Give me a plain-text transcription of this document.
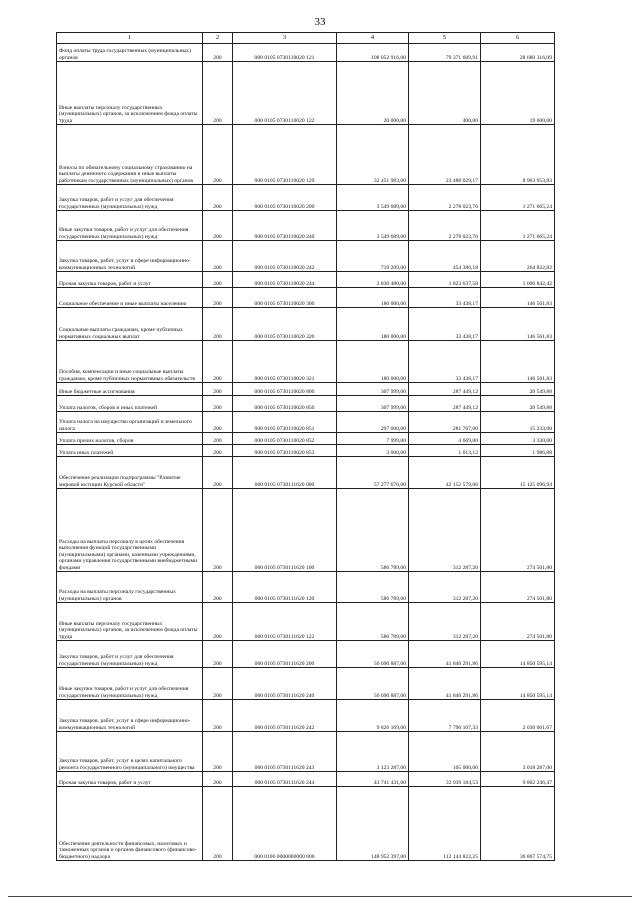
33
1	2	3	4	5	6
Фонд оплаты труда государственных (муниципальных) органов	200	000 0105 0730110020 121	108 052 916,00	79 371 609,91	28 680 316,09
Иные выплаты персоналу государственных (муниципальных) органов, за исключением фонда оплаты труда	200	000 0105 0730110020 122	20 000,00	400,00	19 600,00
Взносы по обязательному социальному страхованию на выплаты денежного содержания и иные выплаты работникам государственных (муниципальных) органов	200	000 0105 0730110020 129	32 451 983,00	23 488 029,17	8 963 953,83
Закупка товаров, работ и услуг для обеспечения государственных (муниципальных) нужд	200	000 0105 0730110020 200	3 549 689,00	2 278 023,76	1 271 665,24
Иные закупки товаров, работ и услуг для обеспечения государственных (муниципальных) нужд	200	000 0105 0730110020 240	3 549 689,00	2 278 023,76	1 271 665,24
Закупка товаров, работ, услуг в сфере информационно-коммуникационных технологий	200	000 0105 0730110020 242	719 209,00	454 386,18	264 822,82
Прочая закупка товаров, работ и услуг	200	000 0105 0730110020 244	2 830 480,00	1 823 637,58	1 006 842,42
Социальное обеспечение и иные выплаты населению	200	000 0105 0730110020 300	180 000,00	33 438,17	146 561,83
Социальные выплаты гражданам, кроме публичных нормативных социальных выплат	200	000 0105 0730110020 320	180 000,00	33 438,17	146 561,83
Пособия, компенсации и иные социальные выплаты гражданам, кроме публичных нормативных обязательств	200	000 0105 0730110020 321	180 000,00	33 438,17	146 561,83
Иные бюджетные ассигнования	200	000 0105 0730110020 800	307 999,00	287 449,12	20 549,88
Уплата налогов, сборов и иных платежей	200	000 0105 0730110020 850	307 999,00	287 449,12	20 549,88
Уплата налога на имущество организаций и земельного налога	200	000 0105 0730110020 851	297 000,00	281 767,00	15 233,00
Уплата прочих налогов, сборов	200	000 0105 0730110020 852	7 999,00	4 669,00	3 330,00
Уплата иных платежей	200	000 0105 0730110020 853	3 000,00	1 013,12	1 986,88
Обеспечение реализации подпрограммы "Развитие мировой юстиции Курской области"	200	000 0105 0730111620 000	57 277 676,00	42 152 579,06	15 125 096,94
Расходы на выплаты персоналу в целях обеспечения выполнения функций государственными (муниципальными) органами, казенными учреждениями, органами управления государственными внебюджетными фондами	200	000 0105 0730111620 100	586 789,00	312 287,20	274 501,80
Расходы на выплаты персоналу государственных (муниципальных) органов	200	000 0105 0730111620 120	586 789,00	312 287,20	274 501,80
Иные выплаты персоналу государственных (муниципальных) органов, за исключением фонда оплаты труда	200	000 0105 0730111620 122	586 789,00	312 287,20	274 501,80
Закупка товаров, работ и услуг для обеспечения государственных (муниципальных) нужд	200	000 0105 0730111620 200	56 690 887,00	41 840 291,86	14 850 595,14
Иные закупки товаров, работ и услуг для обеспечения государственных (муниципальных) нужд	200	000 0105 0730111620 240	56 690 887,00	41 840 291,86	14 850 595,14
Закупка товаров, работ, услуг в сфере информационно-коммуникационных технологий	200	000 0105 0730111620 242	9 826 169,00	7 796 107,33	2 030 061,67
Закупка товаров, работ, услуг в целях капитального ремонта государственного (муниципального) имущества	200	000 0105 0730111620 243	3 123 287,00	105 000,00	3 018 287,00
Прочая закупка товаров, работ и услуг	200	000 0105 0730111620 244	43 741 431,00	33 939 184,53	9 802 246,47
Обеспечение деятельности финансовых, налоговых и таможенных органов и органов финансового (финансово-бюджетного) надзора	200	000 0106 0000000000 000	148 952 397,00	112 144 822,25	36 807 574,75
